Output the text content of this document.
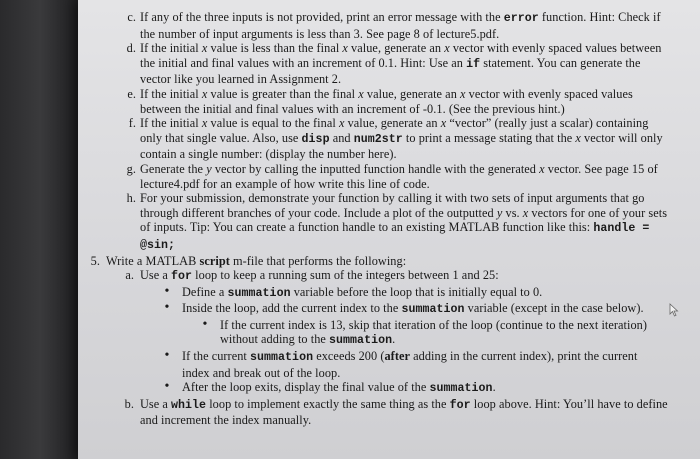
c. If any of the three inputs is not provided, print an error message with the error function. Hint: Check if the number of input arguments is less than 3. See page 8 of lecture5.pdf.
d. If the initial x value is less than the final x value, generate an x vector with evenly spaced values between the initial and final values with an increment of 0.1. Hint: Use an if statement. You can generate the vector like you learned in Assignment 2.
e. If the initial x value is greater than the final x value, generate an x vector with evenly spaced values between the initial and final values with an increment of -0.1. (See the previous hint.)
f. If the initial x value is equal to the final x value, generate an x “vector” (really just a scalar) containing only that single value. Also, use disp and num2str to print a message stating that the x vector will only contain a single number: (display the number here).
g. Generate the y vector by calling the inputted function handle with the generated x vector. See page 15 of lecture4.pdf for an example of how write this line of code.
h. For your submission, demonstrate your function by calling it with two sets of input arguments that go through different branches of your code. Include a plot of the outputted y vs. x vectors for one of your sets of inputs. Tip: You can create a function handle to an existing MATLAB function like this: handle = @sin;
5. Write a MATLAB script m-file that performs the following:
a. Use a for loop to keep a running sum of the integers between 1 and 25:
•	Define a summation variable before the loop that is initially equal to 0.
•	Inside the loop, add the current index to the summation variable (except in the case below).
•	If the current index is 13, skip that iteration of the loop (continue to the next iteration) without adding to the summation.
•	If the current summation exceeds 200 (after adding in the current index), print the current index and break out of the loop.
•	After the loop exits, display the final value of the summation.
b. Use a while loop to implement exactly the same thing as the for loop above. Hint: You’ll have to define and increment the index manually.
